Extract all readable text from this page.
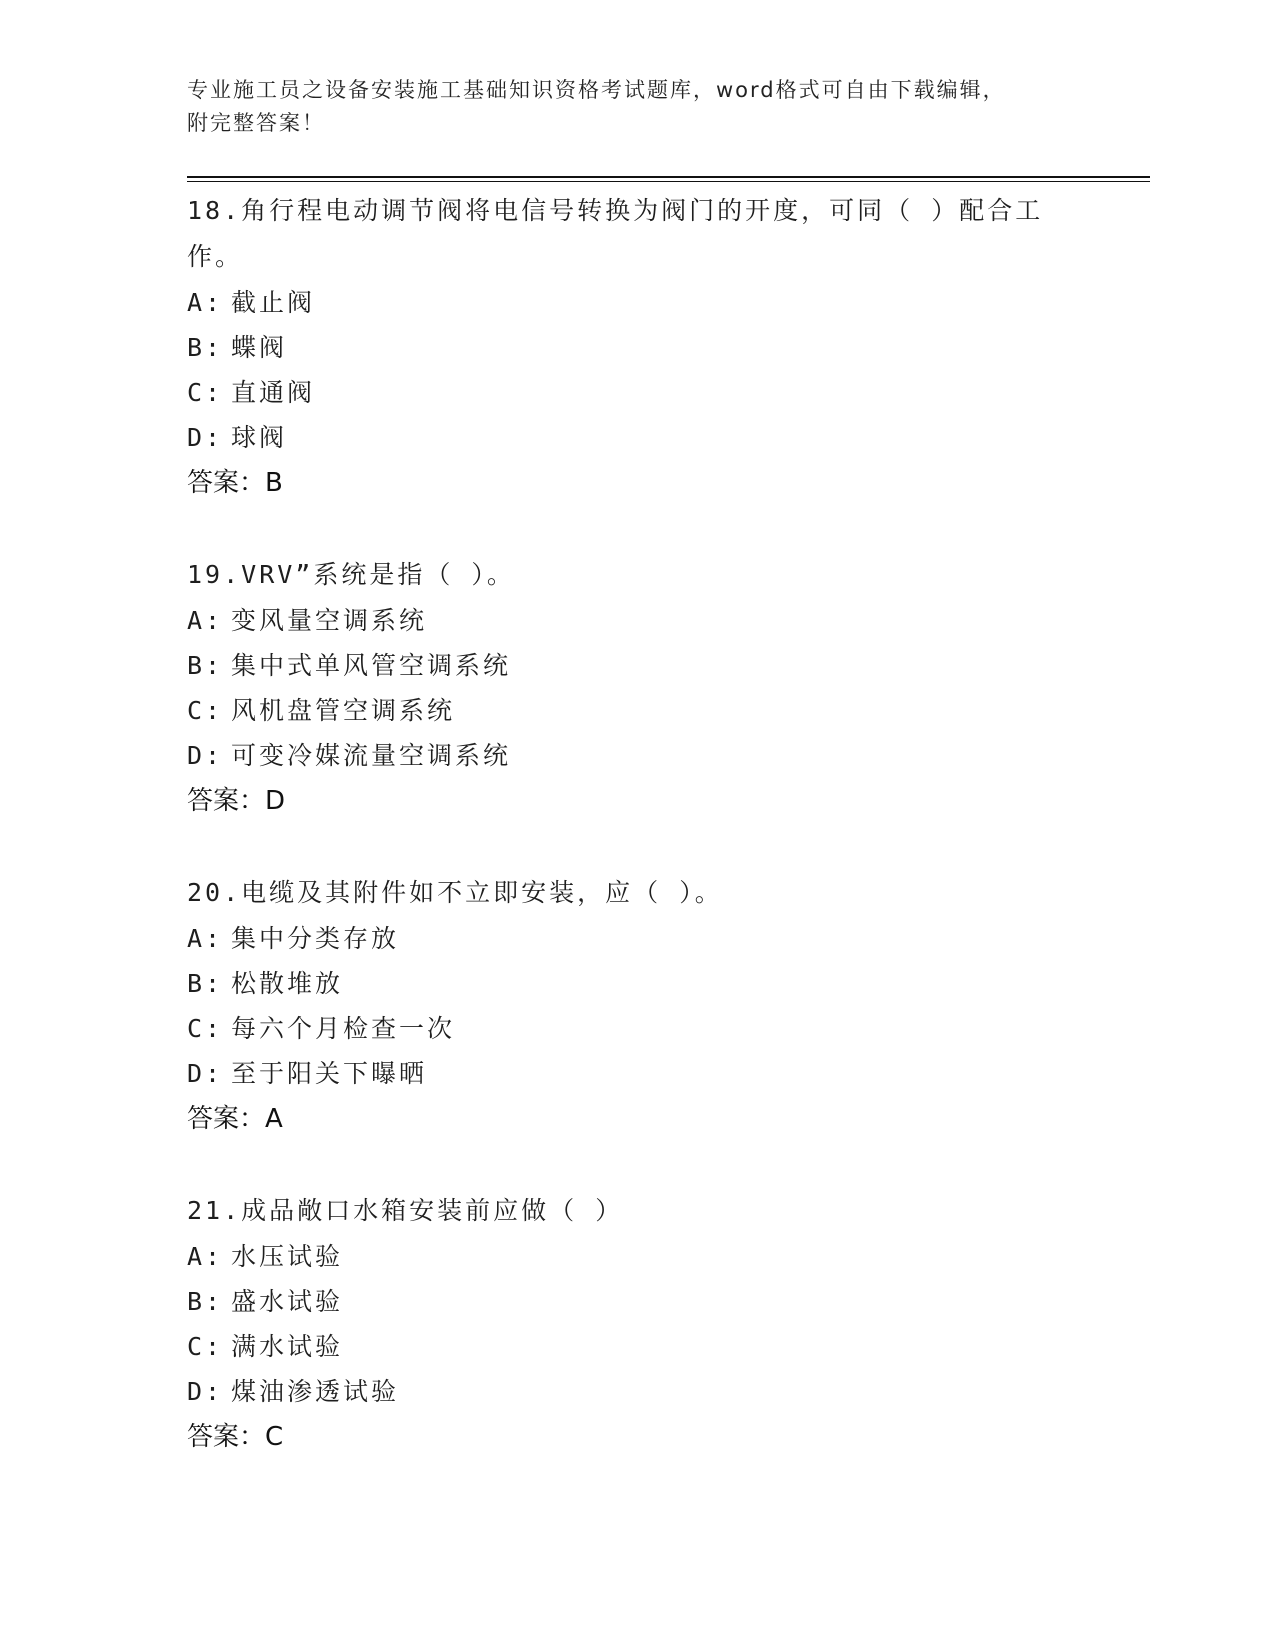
专业施工员之设备安装施工基础知识资格考试题库，word格式可自由下载编辑，
附完整答案！

18.角行程电动调节阀将电信号转换为阀门的开度，可同（ ）配合工作。

A: 截止阀

B: 蝶阀

C: 直通阀

D: 球阀

答案：B

19.VRV”系统是指（ ）。

A: 变风量空调系统

B: 集中式单风管空调系统

C: 风机盘管空调系统

D: 可变冷媒流量空调系统

答案：D

20.电缆及其附件如不立即安装，应（ ）。

A: 集中分类存放

B: 松散堆放

C: 每六个月检查一次

D: 至于阳关下曝晒

答案：A

21.成品敞口水箱安装前应做（ ）

A: 水压试验

B: 盛水试验

C: 满水试验

D: 煤油渗透试验

答案：C
